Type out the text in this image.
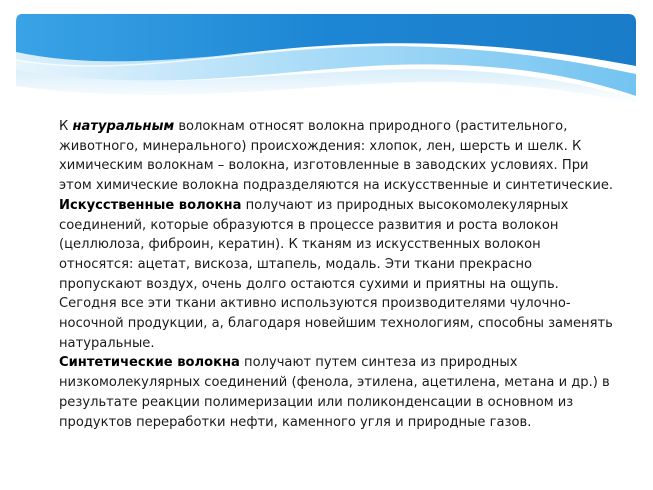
К натуральным волокнам относят волокна природного (растительного, животного, минерального) происхождения: хлопок, лен, шерсть и шелк. К химическим волокнам – волокна, изготовленные в заводских условиях. При этом химические волокна подразделяются на искусственные и синтетические.

Искусственные волокна получают из природных высокомолекулярных соединений, которые образуются в процессе развития и роста волокон (целлюлоза, фиброин, кератин). К тканям из искусственных волокон относятся: ацетат, вискоза, штапель, модаль. Эти ткани прекрасно пропускают воздух, очень долго остаются сухими и приятны на ощупь. Сегодня все эти ткани активно используются производителями чулочно-носочной продукции, а, благодаря новейшим технологиям, способны заменять натуральные.

Синтетические волокна получают путем синтеза из природных низкомолекулярных соединений (фенола, этилена, ацетилена, метана и др.) в результате реакции полимеризации или поликонденсации в основном из продуктов переработки нефти, каменного угля и природные газов.
